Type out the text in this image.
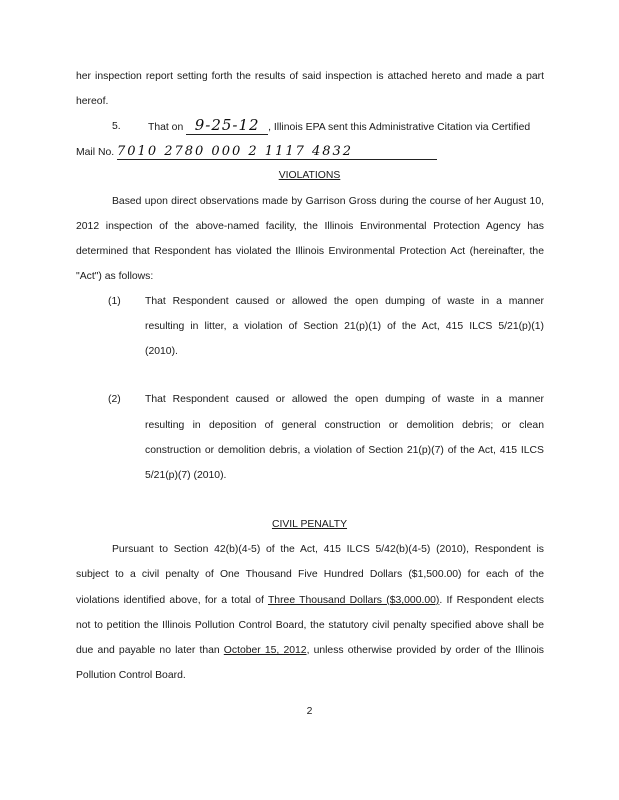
her inspection report setting forth the results of said inspection is attached hereto and made a part
hereof.
5.	That on 9-25-12 , Illinois EPA sent this Administrative Citation via Certified
Mail No. 7010 2780 000 2 1117 4832
VIOLATIONS
Based upon direct observations made by Garrison Gross during the course of her August 10,
2012 inspection of the above-named facility, the Illinois Environmental Protection Agency has
determined that Respondent has violated the Illinois Environmental Protection Act (hereinafter, the
"Act") as follows:
(1) That Respondent caused or allowed the open dumping of waste in a manner
resulting in litter, a violation of Section 21(p)(1) of the Act, 415 ILCS 5/21(p)(1)
(2010).
(2) That Respondent caused or allowed the open dumping of waste in a manner
resulting in deposition of general construction or demolition debris; or clean
construction or demolition debris, a violation of Section 21(p)(7) of the Act, 415 ILCS
5/21(p)(7) (2010).
CIVIL PENALTY
Pursuant to Section 42(b)(4-5) of the Act, 415 ILCS 5/42(b)(4-5) (2010), Respondent is
subject to a civil penalty of One Thousand Five Hundred Dollars ($1,500.00) for each of the
violations identified above, for a total of Three Thousand Dollars ($3,000.00). If Respondent elects
not to petition the Illinois Pollution Control Board, the statutory civil penalty specified above shall be
due and payable no later than October 15, 2012, unless otherwise provided by order of the Illinois
Pollution Control Board.
2
